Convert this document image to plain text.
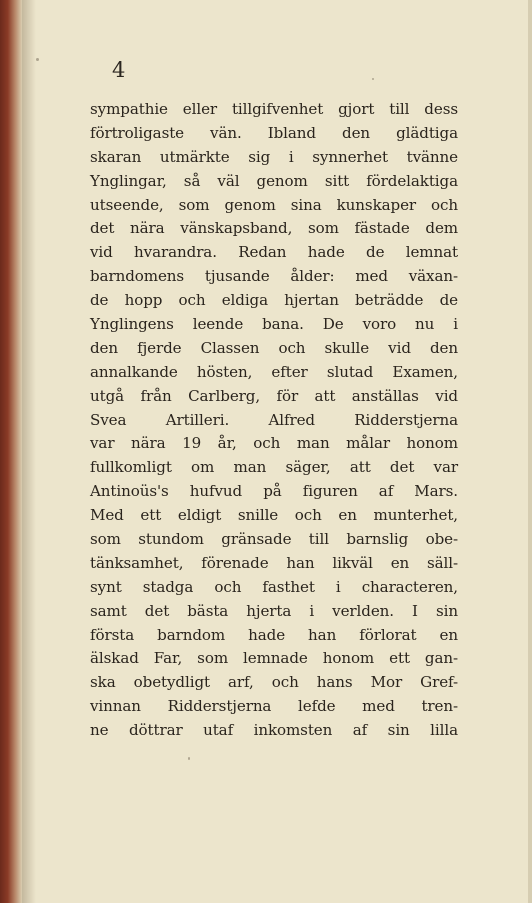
4
sympathie eller tillgifvenhet gjort till dess
förtroligaste vän. Ibland den glädtiga
skaran utmärkte sig i synnerhet tvänne
Ynglingar, så väl genom sitt fördelaktiga
utseende, som genom sina kunskaper och
det nära vänskapsband, som fästade dem
vid hvarandra. Redan hade de lemnat
barndomens tjusande ålder: med växan-
de hopp och eldiga hjertan beträdde de
Ynglingens leende bana. De voro nu i
den fjerde Classen och skulle vid den
annalkande hösten, efter slutad Examen,
utgå från Carlberg, för att anställas vid
Svea Artilleri. Alfred Ridderstjerna
var nära 19 år, och man målar honom
fullkomligt om man säger, att det var
Antinoüs's hufvud på figuren af Mars.
Med ett eldigt snille och en munterhet,
som stundom gränsade till barnslig obe-
tänksamhet, förenade han likväl en säll-
synt stadga och fasthet i characteren,
samt det bästa hjerta i verlden. I sin
första barndom hade han förlorat en
älskad Far, som lemnade honom ett gan-
ska obetydligt arf, och hans Mor Gref-
vinnan Ridderstjerna lefde med tren-
ne döttrar utaf inkomsten af sin lilla
